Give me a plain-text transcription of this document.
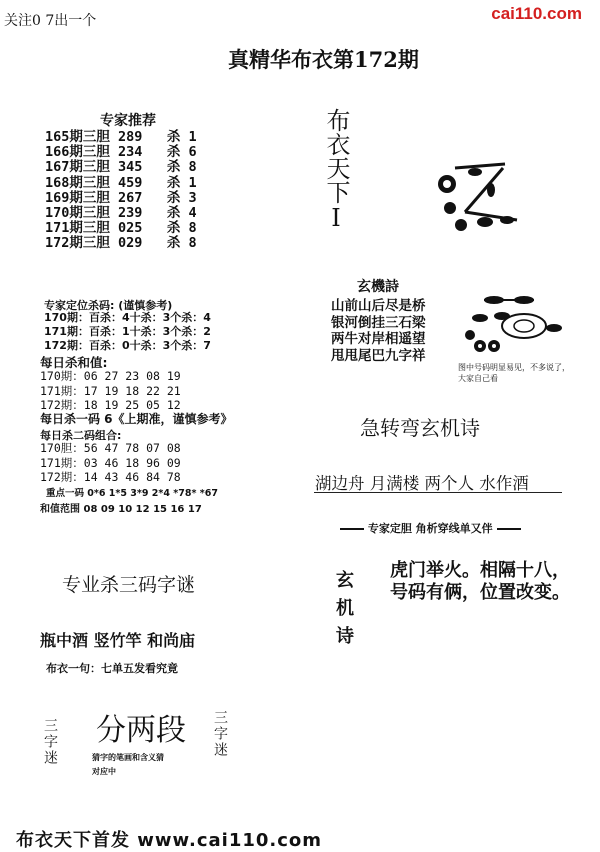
关注0 7出一个	cai110.com
真精华布衣第172期
专家推荐
165期三胆 289 杀 1
166期三胆 234 杀 6
167期三胆 345 杀 8
168期三胆 459 杀 1
169期三胆 267 杀 3
170期三胆 239 杀 4
171期三胆 025 杀 8
172期三胆 029 杀 8
专家定位杀码: (谨慎参考)
170期：百杀：4十杀：3个杀：4
171期：百杀：1十杀：3个杀：2
172期：百杀：0十杀：3个杀：7
每日杀和值:
170期：06 27 23 08 19
171期：17 19 18 22 21
172期：18 19 25 05 12
每日杀一码 6《上期准，谨慎参考》
每日杀二码组合:
170胆：56 47 78 07 08
171期：03 46 18 96 09
172期：14 43 46 84 78
重点一码 0*6 1*5 3*9 2*4 *78* *67
和值范围 08 09 10 12 15 16 17
专业杀三码字谜
瓶中酒 竖竹竿 和尚庙
布衣一句：七单五发看究竟
三字迷 分两段
猜字的笔画和含义猜
对应中
三字迷
布衣天下Ⅰ
玄機詩
山前山后尽是桥
银河倒挂三石梁
两牛对岸相遥望
甩甩尾巴九字祥
图中号码明显易见，不多说了，大家自己看
急转弯玄机诗
湖边舟 月满楼 两个人 水作酒
专家定胆 角析穿线单又伴
玄机诗 虎门举火。相隔十八，
号码有俩，位置改变。
布衣天下首发 www.cai110.com
